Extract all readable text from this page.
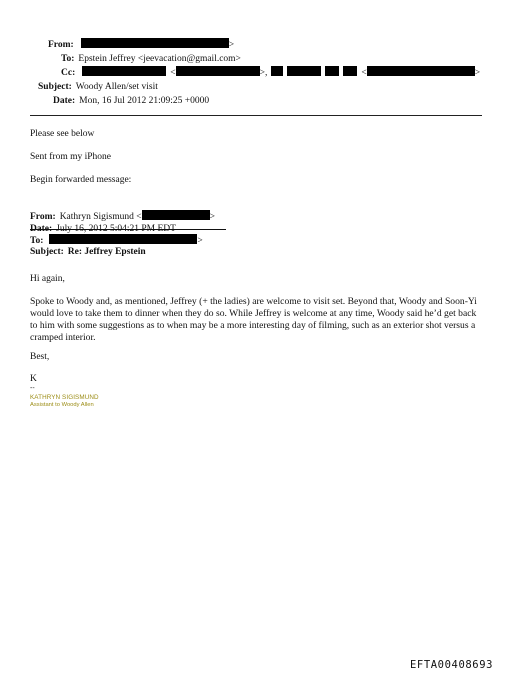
From:	>
To: Epstein Jeffrey <jeevacation@gmail.com>
Cc:	<	>,	<	>
Subject: Woody Allen/set visit
Date: Mon, 16 Jul 2012 21:09:25 +0000
Please see below
Sent from my iPhone
Begin forwarded message:
From: Kathryn Sigismund <	>
Date: July 16, 2012 5:04:21 PM EDT
To:	>
Subject: Re: Jeffrey Epstein
Hi again,
Spoke to Woody and, as mentioned, Jeffrey (+ the ladies) are welcome to visit set. Beyond that, Woody and Soon-Yi would love to take them to dinner when they do so. While Jeffrey is welcome at any time, Woody said he’d get back to him with some suggestions as to when may be a more interesting day of filming, such as an exterior shot versus a cramped interior.
Best,
K
--
KATHRYN SIGISMUND
Assistant to Woody Allen
EFTA00408693
